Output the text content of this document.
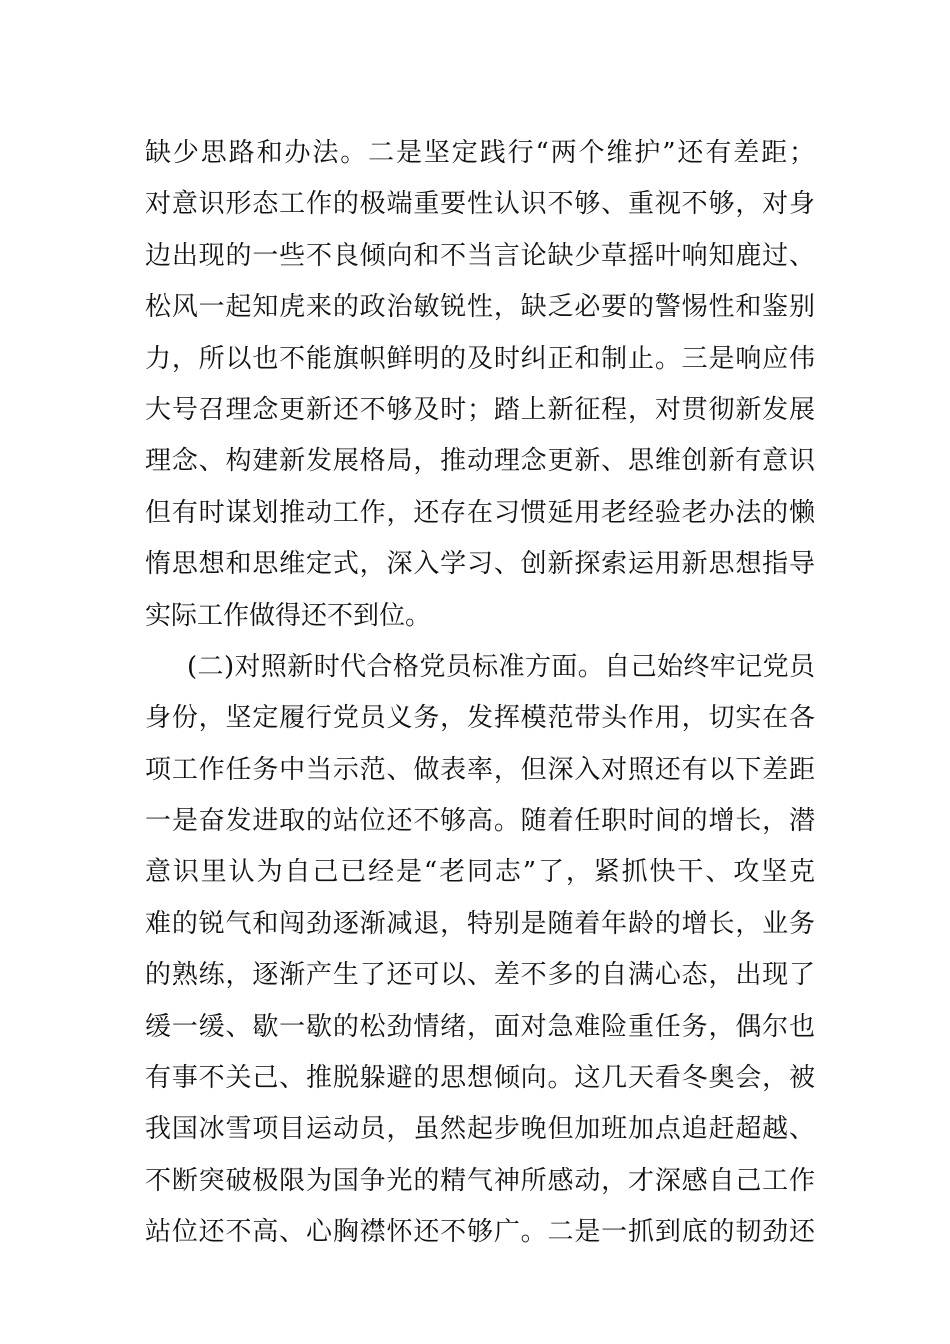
缺少思路和办法。二是坚定践行“两个维护”还有差距；
对意识形态工作的极端重要性认识不够、重视不够，对身
边出现的一些不良倾向和不当言论缺少草摇叶响知鹿过、
松风一起知虎来的政治敏锐性，缺乏必要的警惕性和鉴别
力，所以也不能旗帜鲜明的及时纠正和制止。三是响应伟
大号召理念更新还不够及时；踏上新征程，对贯彻新发展
理念、构建新发展格局，推动理念更新、思维创新有意识
但有时谋划推动工作，还存在习惯延用老经验老办法的懒
惰思想和思维定式，深入学习、创新探索运用新思想指导
实际工作做得还不到位。
(二)对照新时代合格党员标准方面。自己始终牢记党员
身份，坚定履行党员义务，发挥模范带头作用，切实在各
项工作任务中当示范、做表率，但深入对照还有以下差距
一是奋发进取的站位还不够高。随着任职时间的增长，潜
意识里认为自己已经是“老同志”了，紧抓快干、攻坚克
难的锐气和闯劲逐渐减退，特别是随着年龄的增长，业务
的熟练，逐渐产生了还可以、差不多的自满心态，出现了
缓一缓、歇一歇的松劲情绪，面对急难险重任务，偶尔也
有事不关己、推脱躲避的思想倾向。这几天看冬奥会，被
我国冰雪项目运动员，虽然起步晚但加班加点追赶超越、
不断突破极限为国争光的精气神所感动，才深感自己工作
站位还不高、心胸襟怀还不够广。二是一抓到底的韧劲还
